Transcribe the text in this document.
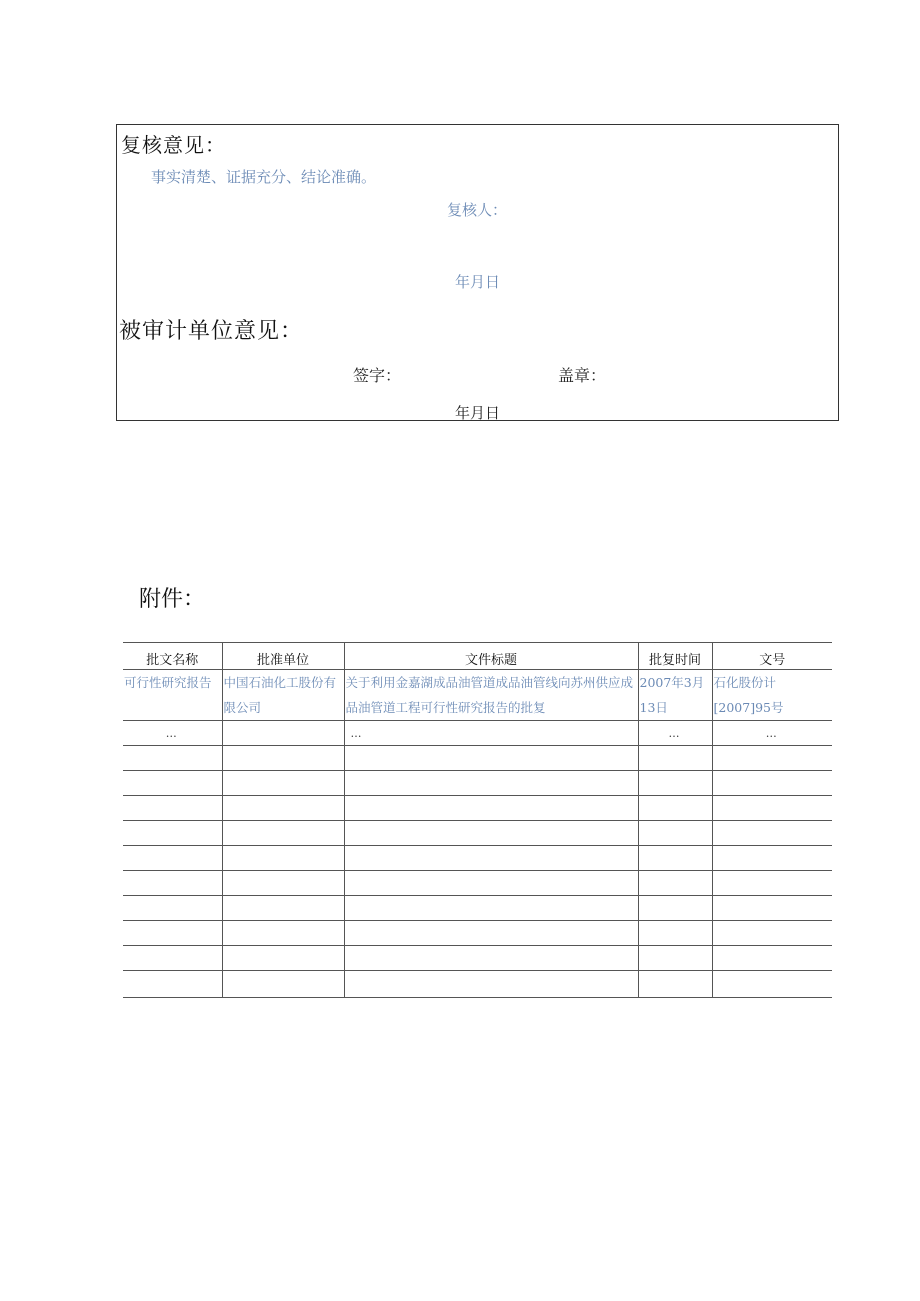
复核意见：
事实清楚、证据充分、结论准确。
复核人：
年月日
被审计单位意见：
签字：	盖章：
年月日
附件：
批文名称	批准单位	文件标题	批复时间	文号
可行性研究报告	中国石油化工股份有限公司	关于利用金嘉湖成品油管道成品油管线向苏州供应成品油管道工程可行性研究报告的批复	2007年3月13日	石化股份计[2007]95号
…		…	…	…
